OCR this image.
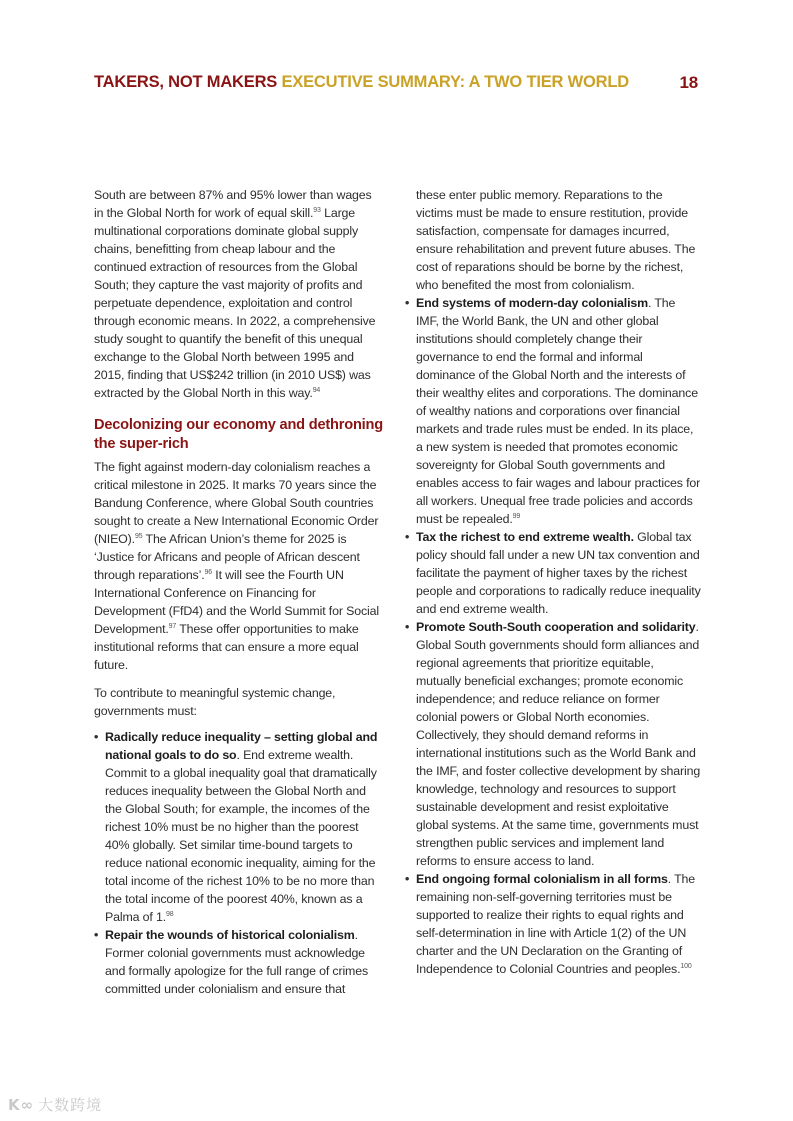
TAKERS, NOT MAKERS EXECUTIVE SUMMARY: A TWO TIER WORLD	18

South are between 87% and 95% lower than wages in the Global North for work of equal skill.$^{93}$ Large multinational corporations dominate global supply chains, benefitting from cheap labour and the continued extraction of resources from the Global South; they capture the vast majority of profits and perpetuate dependence, exploitation and control through economic means. In 2022, a comprehensive study sought to quantify the benefit of this unequal exchange to the Global North between 1995 and 2015, finding that US$242 trillion (in 2010 US$) was extracted by the Global North in this way.$^{94}$

Decolonizing our economy and dethroning the super-rich

The fight against modern-day colonialism reaches a critical milestone in 2025. It marks 70 years since the Bandung Conference, where Global South countries sought to create a New International Economic Order (NIEO).$^{95}$ The African Union’s theme for 2025 is ‘Justice for Africans and people of African descent through reparations’.$^{96}$ It will see the Fourth UN International Conference on Financing for Development (FfD4) and the World Summit for Social Development.$^{97}$ These offer opportunities to make institutional reforms that can ensure a more equal future.

To contribute to meaningful systemic change, governments must:

• Radically reduce inequality – setting global and national goals to do so. End extreme wealth. Commit to a global inequality goal that dramatically reduces inequality between the Global North and the Global South; for example, the incomes of the richest 10% must be no higher than the poorest 40% globally. Set similar time-bound targets to reduce national economic inequality, aiming for the total income of the richest 10% to be no more than the total income of the poorest 40%, known as a Palma of 1.98
• Repair the wounds of historical colonialism. Former colonial governments must acknowledge and formally apologize for the full range of crimes committed under colonialism and ensure that
these enter public memory. Reparations to the victims must be made to ensure restitution, provide satisfaction, compensate for damages incurred, ensure rehabilitation and prevent future abuses. The cost of reparations should be borne by the richest, who benefited the most from colonialism.
• End systems of modern-day colonialism. The IMF, the World Bank, the UN and other global institutions should completely change their governance to end the formal and informal dominance of the Global North and the interests of their wealthy elites and corporations. The dominance of wealthy nations and corporations over financial markets and trade rules must be ended. In its place, a new system is needed that promotes economic sovereignty for Global South governments and enables access to fair wages and labour practices for all workers. Unequal free trade policies and accords must be repealed.$^{99}$
• Tax the richest to end extreme wealth. Global tax policy should fall under a new UN tax convention and facilitate the payment of higher taxes by the richest people and corporations to radically reduce inequality and end extreme wealth.
• Promote South-South cooperation and solidarity. Global South governments should form alliances and regional agreements that prioritize equitable, mutually beneficial exchanges; promote economic independence; and reduce reliance on former colonial powers or Global North economies. Collectively, they should demand reforms in international institutions such as the World Bank and the IMF, and foster collective development by sharing knowledge, technology and resources to support sustainable development and resist exploitative global systems. At the same time, governments must strengthen public services and implement land reforms to ensure access to land.
• End ongoing formal colonialism in all forms. The remaining non-self-governing territories must be supported to realize their rights to equal rights and self-determination in line with Article 1(2) of the UN charter and the UN Declaration on the Granting of Independence to Colonial Countries and peoples.$^{100}$
K∞ 大数跨境
